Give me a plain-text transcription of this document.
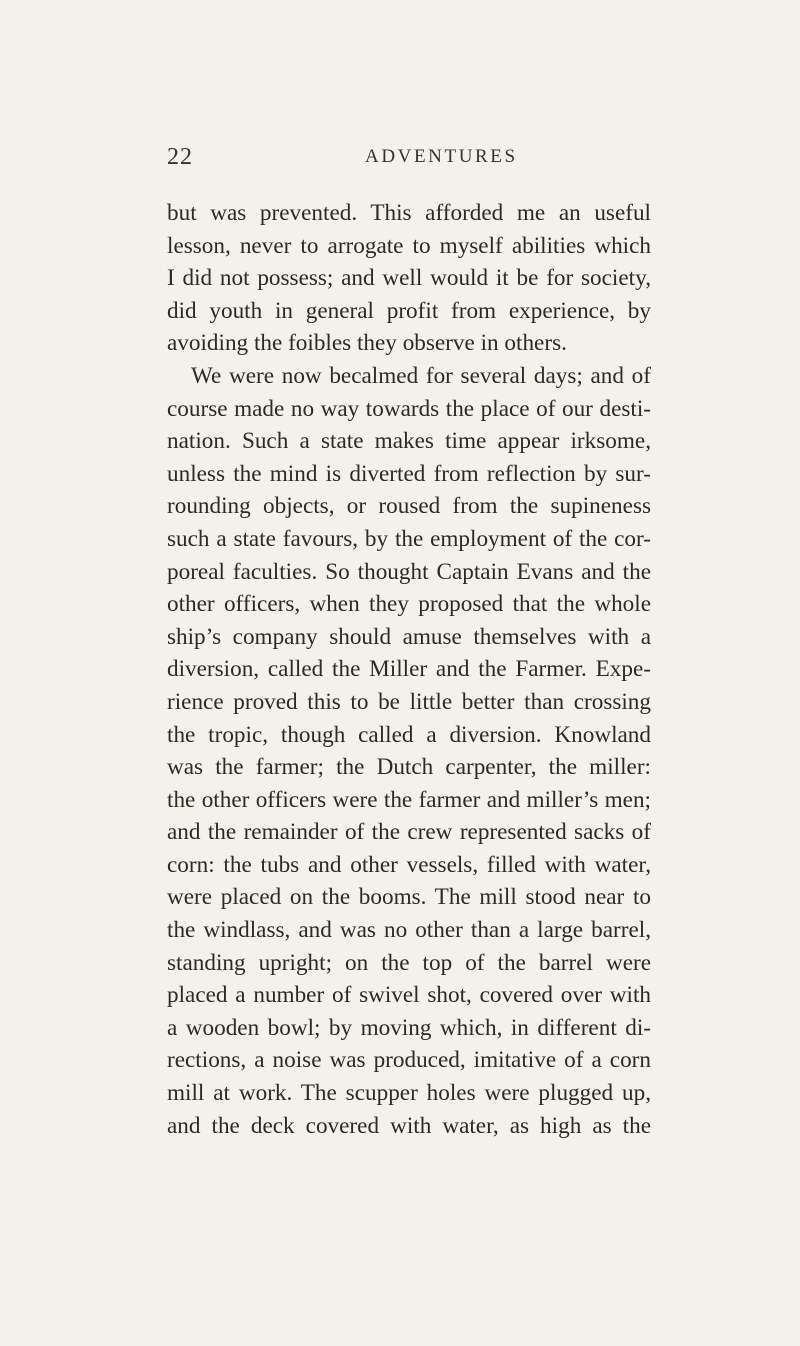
22	ADVENTURES
but was prevented. This afforded me an useful
lesson, never to arrogate to myself abilities which
I did not possess; and well would it be for society,
did youth in general profit from experience, by
avoiding the foibles they observe in others.
We were now becalmed for several days; and of
course made no way towards the place of our desti-
nation. Such a state makes time appear irksome,
unless the mind is diverted from reflection by sur-
rounding objects, or roused from the supineness
such a state favours, by the employment of the cor-
poreal faculties. So thought Captain Evans and the
other officers, when they proposed that the whole
ship’s company should amuse themselves with a
diversion, called the Miller and the Farmer. Expe-
rience proved this to be little better than crossing
the tropic, though called a diversion. Knowland
was the farmer; the Dutch carpenter, the miller:
the other officers were the farmer and miller’s men;
and the remainder of the crew represented sacks of
corn: the tubs and other vessels, filled with water,
were placed on the booms. The mill stood near to
the windlass, and was no other than a large barrel,
standing upright; on the top of the barrel were
placed a number of swivel shot, covered over with
a wooden bowl; by moving which, in different di-
rections, a noise was produced, imitative of a corn
mill at work. The scupper holes were plugged up,
and the deck covered with water, as high as the
